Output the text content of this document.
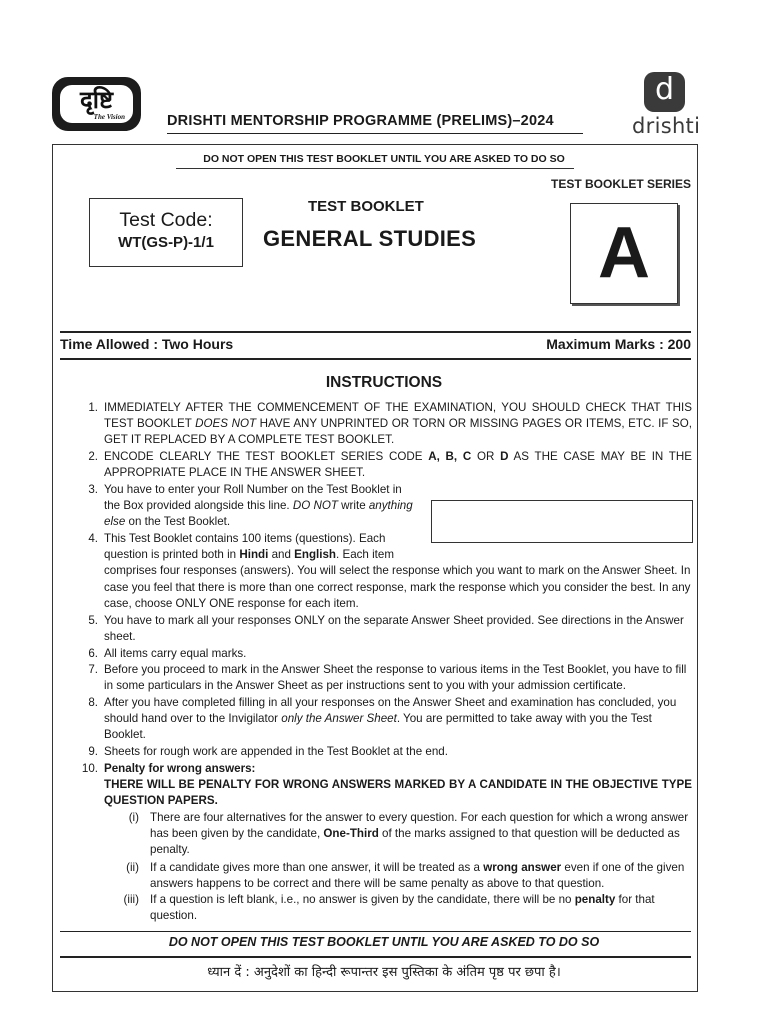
दृष्टि
The Vision	DRISHTI MENTORSHIP PROGRAMME (PRELIMS)–2024
d
drishti
DO NOT OPEN THIS TEST BOOKLET UNTIL YOU ARE ASKED TO DO SO
TEST BOOKLET SERIES
Test Code:
WT(GS-P)-1/1
TEST BOOKLET
GENERAL STUDIES	A
Time Allowed : Two Hours	Maximum Marks : 200
INSTRUCTIONS
1. IMMEDIATELY AFTER THE COMMENCEMENT OF THE EXAMINATION, YOU SHOULD CHECK THAT THIS TEST BOOKLET DOES NOT HAVE ANY UNPRINTED OR TORN OR MISSING PAGES OR ITEMS, ETC. IF SO, GET IT REPLACED BY A COMPLETE TEST BOOKLET.
2. ENCODE CLEARLY THE TEST BOOKLET SERIES CODE A, B, C OR D AS THE CASE MAY BE IN THE APPROPRIATE PLACE IN THE ANSWER SHEET.
3. You have to enter your Roll Number on the Test Booklet in the Box provided alongside this line. DO NOT write anything else on the Test Booklet.
4. This Test Booklet contains 100 items (questions). Each question is printed both in Hindi and English. Each item
comprises four responses (answers). You will select the response which you want to mark on the Answer Sheet. In case you feel that there is more than one correct response, mark the response which you consider the best. In any case, choose ONLY ONE response for each item.
5. You have to mark all your responses ONLY on the separate Answer Sheet provided. See directions in the Answer sheet.
6. All items carry equal marks.
7. Before you proceed to mark in the Answer Sheet the response to various items in the Test Booklet, you have to fill in some particulars in the Answer Sheet as per instructions sent to you with your admission certificate.
8. After you have completed filling in all your responses on the Answer Sheet and examination has concluded, you should hand over to the Invigilator only the Answer Sheet. You are permitted to take away with you the Test Booklet.
9. Sheets for rough work are appended in the Test Booklet at the end.
10. Penalty for wrong answers:
THERE WILL BE PENALTY FOR WRONG ANSWERS MARKED BY A CANDIDATE IN THE OBJECTIVE TYPE QUESTION PAPERS.
(i) There are four alternatives for the answer to every question. For each question for which a wrong answer has been given by the candidate, One-Third of the marks assigned to that question will be deducted as penalty.
(ii) If a candidate gives more than one answer, it will be treated as a wrong answer even if one of the given answers happens to be correct and there will be same penalty as above to that question.
(iii) If a question is left blank, i.e., no answer is given by the candidate, there will be no penalty for that question.
DO NOT OPEN THIS TEST BOOKLET UNTIL YOU ARE ASKED TO DO SO
ध्यान दें : अनुदेशों का हिन्दी रूपान्तर इस पुस्तिका के अंतिम पृष्ठ पर छपा है।
